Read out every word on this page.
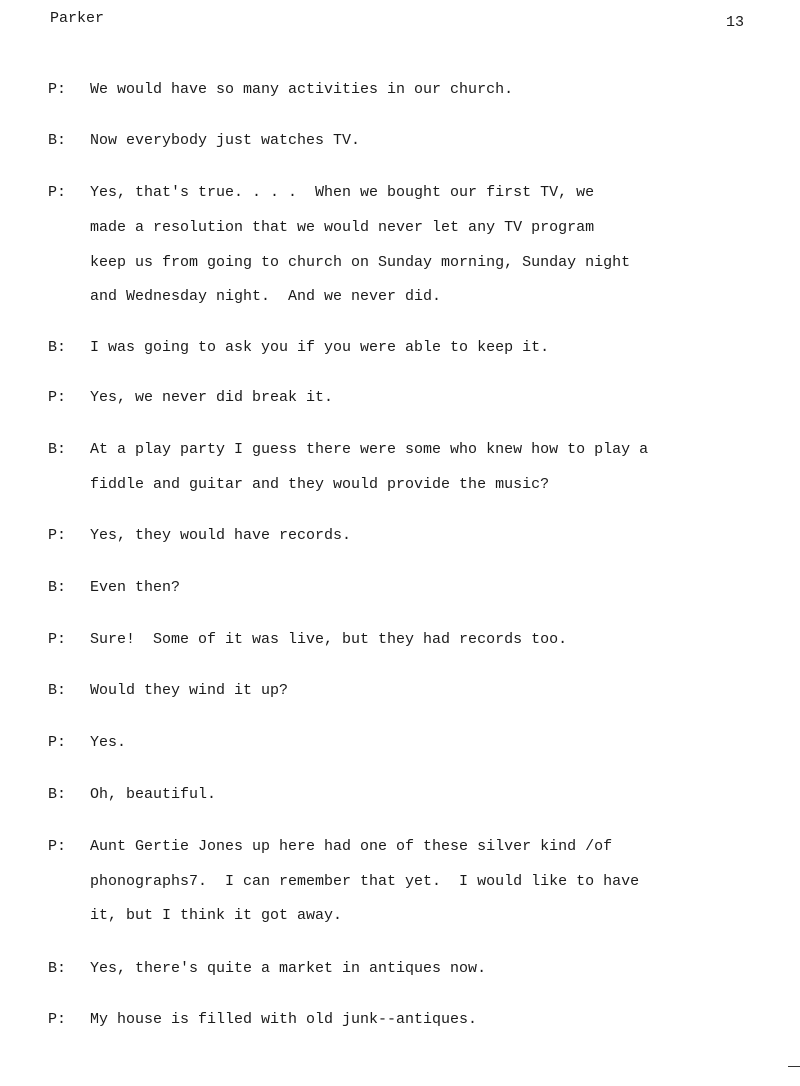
Parker	13
P:	We would have so many activities in our church.
B:	Now everybody just watches TV.
P:	Yes, that's true. . . .  When we bought our first TV, we
made a resolution that we would never let any TV program
keep us from going to church on Sunday morning, Sunday night
and Wednesday night.  And we never did.
B:	I was going to ask you if you were able to keep it.
P:	Yes, we never did break it.
B:	At a play party I guess there were some who knew how to play a
fiddle and guitar and they would provide the music?
P:	Yes, they would have records.
B:	Even then?
P:	Sure!  Some of it was live, but they had records too.
B:	Would they wind it up?
P:	Yes.
B:	Oh, beautiful.
P:	Aunt Gertie Jones up here had one of these silver kind /of
phonographs7.  I can remember that yet.  I would like to have
it, but I think it got away.
B:	Yes, there's quite a market in antiques now.
P:	My house is filled with old junk--antiques.
